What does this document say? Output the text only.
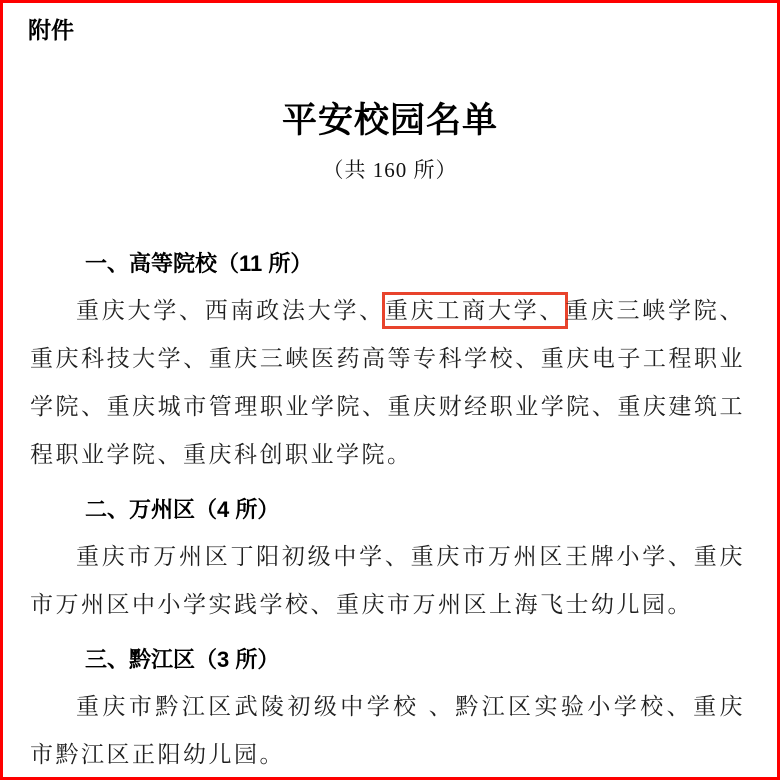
附件
平安校园名单
（共 160 所）
一、高等院校（11 所）

重庆大学、西南政法大学、重庆工商大学、重庆三峡学院、重庆科技大学、重庆三峡医药高等专科学校、重庆电子工程职业学院、重庆城市管理职业学院、重庆财经职业学院、重庆建筑工程职业学院、重庆科创职业学院。

二、万州区（4 所）

重庆市万州区丁阳初级中学、重庆市万州区王牌小学、重庆市万州区中小学实践学校、重庆市万州区上海飞士幼儿园。

三、黔江区（3 所）

重庆市黔江区武陵初级中学校 、黔江区实验小学校、重庆市黔江区正阳幼儿园。
